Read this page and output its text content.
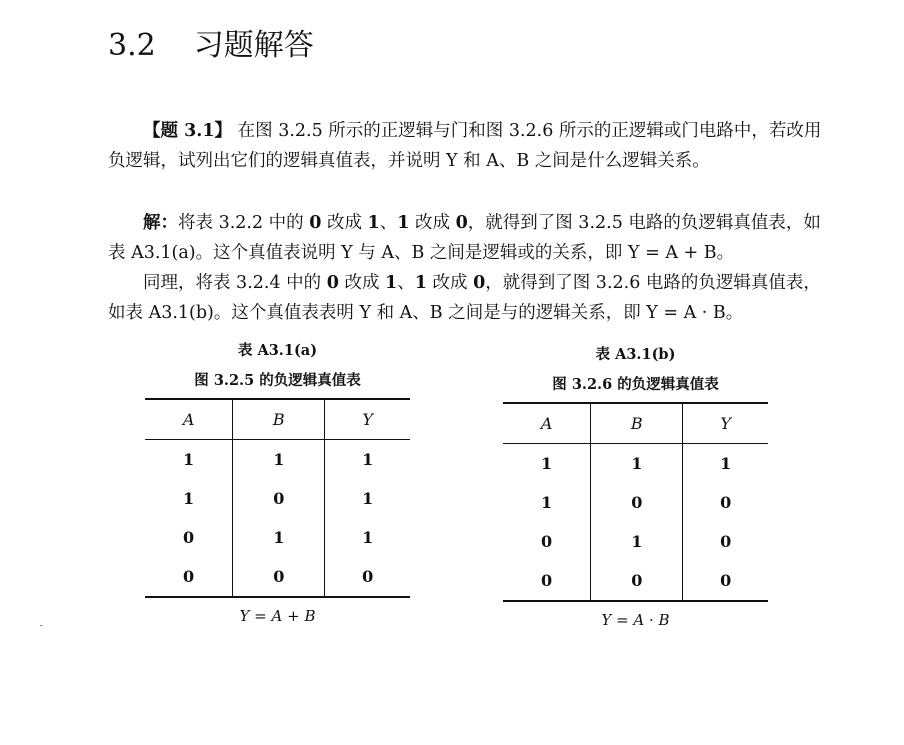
3.2 习题解答

【题 3.1】 在图 3.2.5 所示的正逻辑与门和图 3.2.6 所示的正逻辑或门电路中，若改用负逻辑，试列出它们的逻辑真值表，并说明 Y 和 A、B 之间是什么逻辑关系。

解：将表 3.2.2 中的 0 改成 1、1 改成 0，就得到了图 3.2.5 电路的负逻辑真值表，如表 A3.1(a)。这个真值表说明 Y 与 A、B 之间是逻辑或的关系，即 Y = A + B。

同理，将表 3.2.4 中的 0 改成 1、1 改成 0，就得到了图 3.2.6 电路的负逻辑真值表，如表 A3.1(b)。这个真值表表明 Y 和 A、B 之间是与的逻辑关系，即 Y = A · B。

表 A3.1(a)
图 3.2.5 的负逻辑真值表
A	B	Y
1	1	1
1	0	1
0	1	1
0	0	0
Y = A + B
表 A3.1(b)
图 3.2.6 的负逻辑真值表
A	B	Y
1	1	1
1	0	0
0	1	0
0	0	0
Y = A · B
